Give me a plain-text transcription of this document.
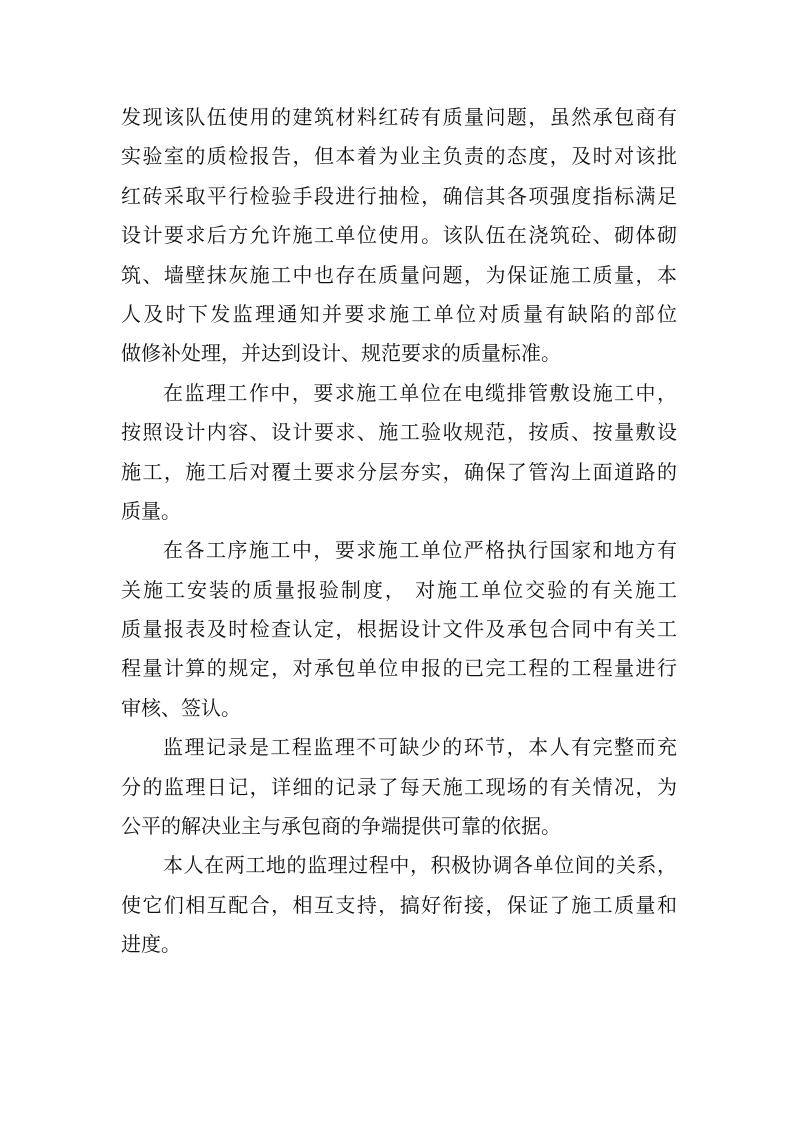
发现该队伍使用的建筑材料红砖有质量问题，虽然承包商有
实验室的质检报告，但本着为业主负责的态度，及时对该批
红砖采取平行检验手段进行抽检，确信其各项强度指标满足
设计要求后方允许施工单位使用。该队伍在浇筑砼、砌体砌
筑、墙壁抹灰施工中也存在质量问题，为保证施工质量，本
人及时下发监理通知并要求施工单位对质量有缺陷的部位
做修补处理，并达到设计、规范要求的质量标准。
在监理工作中，要求施工单位在电缆排管敷设施工中，
按照设计内容、设计要求、施工验收规范，按质、按量敷设
施工，施工后对覆土要求分层夯实，确保了管沟上面道路的
质量。
在各工序施工中，要求施工单位严格执行国家和地方有
关施工安装的质量报验制度， 对施工单位交验的有关施工
质量报表及时检查认定，根据设计文件及承包合同中有关工
程量计算的规定，对承包单位申报的已完工程的工程量进行
审核、签认。
监理记录是工程监理不可缺少的环节，本人有完整而充
分的监理日记，详细的记录了每天施工现场的有关情况，为
公平的解决业主与承包商的争端提供可靠的依据。
本人在两工地的监理过程中，积极协调各单位间的关系，
使它们相互配合，相互支持，搞好衔接，保证了施工质量和
进度。
